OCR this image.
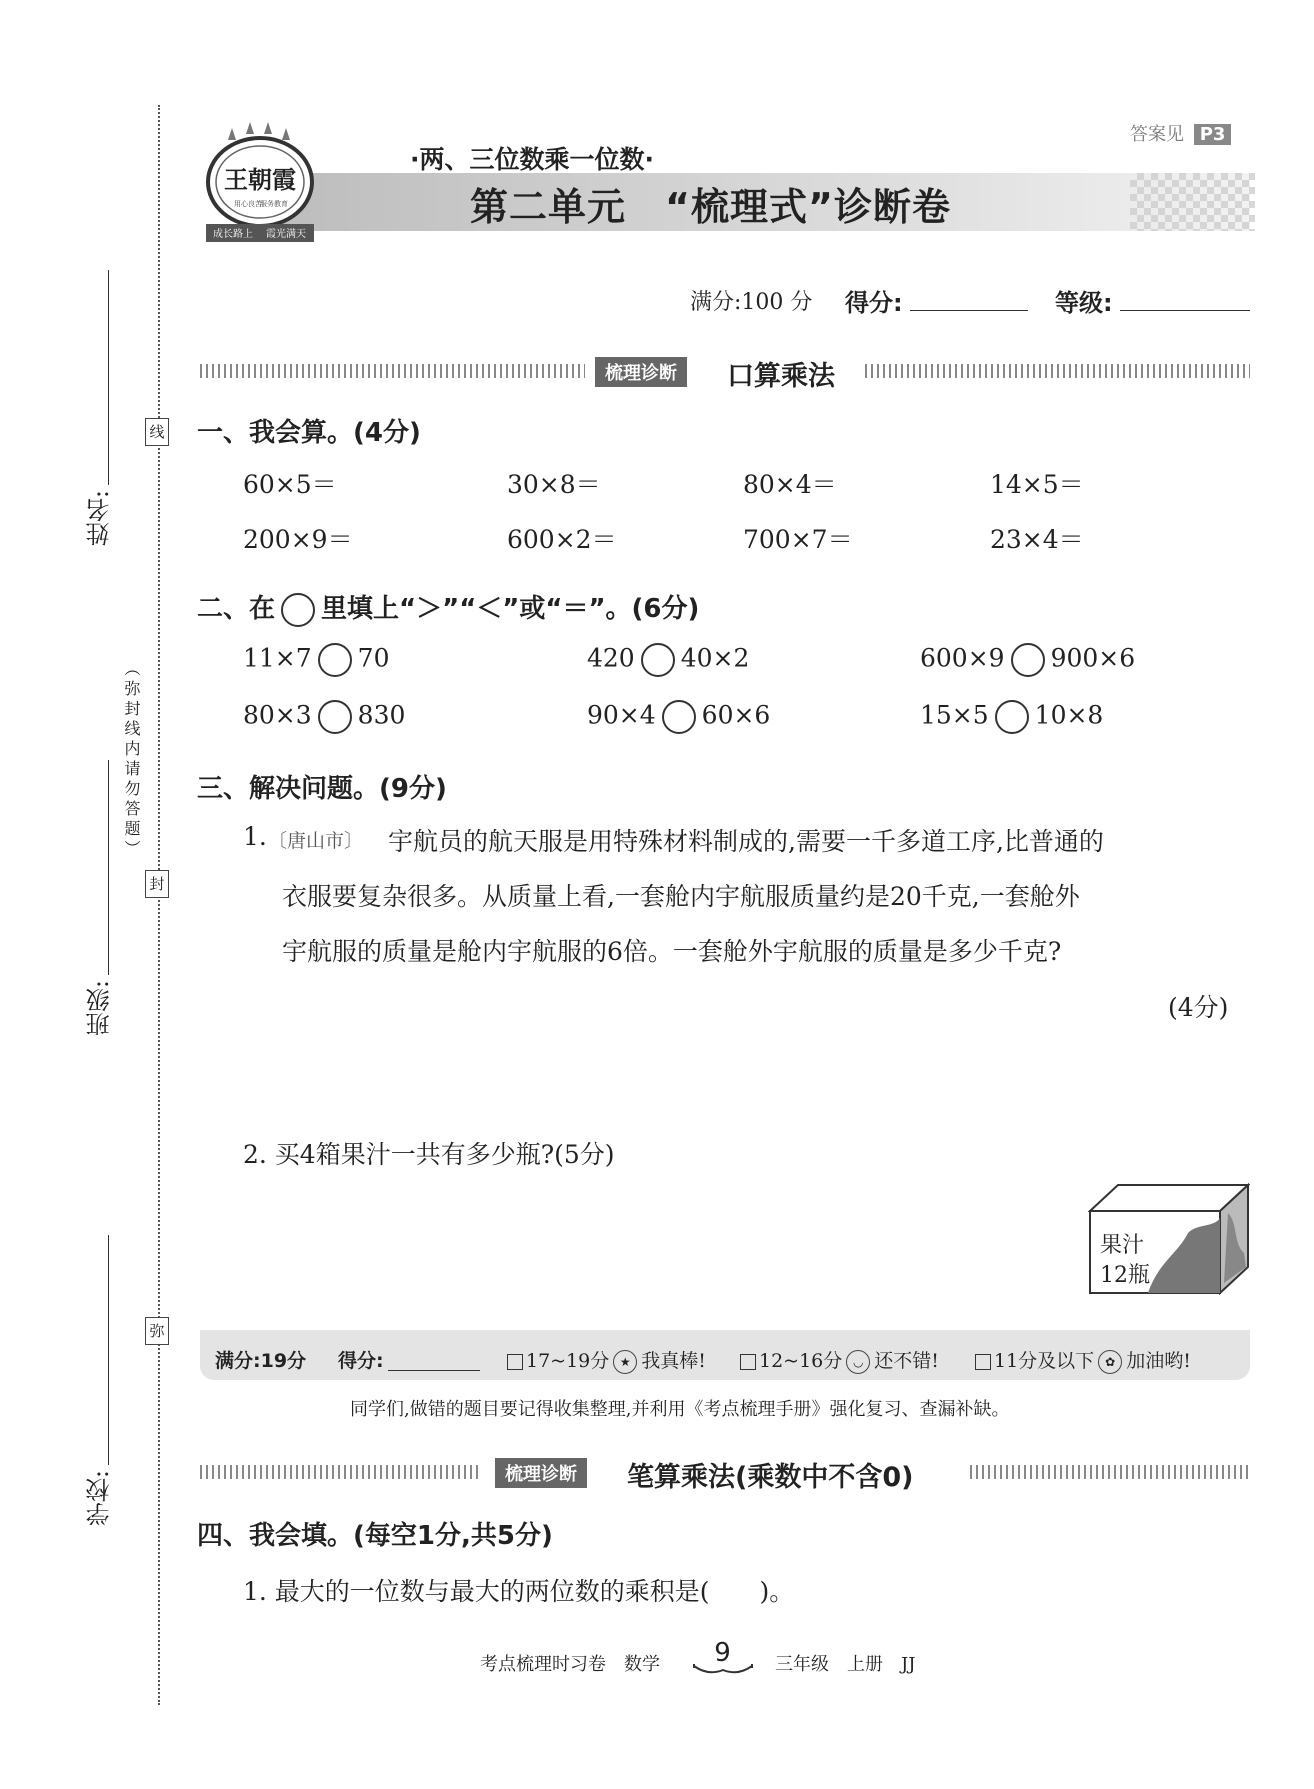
线
封
弥
姓名:
班级:
学校:
（弥封线内请勿答题）
答案见 P3
王朝霞
用心良苦
服务教育
成长路上 霞光满天
·两、三位数乘一位数·
第二单元　“梳理式”诊断卷
满分:100 分 得分:	等级:
梳理诊断	口算乘法
一、我会算。(4分)
60×5＝	30×8＝	80×4＝	14×5＝
200×9＝	600×2＝	700×7＝	23×4＝
二、在 里填上“＞”“＜”或“＝”。(6分)
11×7 70	420 40×2	600×9 900×6
80×3 830	90×4 60×6	15×5 10×8
三、解决问题。(9分)
1. 〔唐山市〕 宇航员的航天服是用特殊材料制成的,需要一千多道工序,比普通的
衣服要复杂很多。从质量上看,一套舱内宇航服质量约是20千克,一套舱外
宇航服的质量是舱内宇航服的6倍。一套舱外宇航服的质量是多少千克?
(4分)
2. 买4箱果汁一共有多少瓶?(5分)
果汁
12瓶
满分:19分 得分:	17~19分 ★ 我真棒!	12~16分 ◡ 还不错!	11分及以下 ✿ 加油哟!
同学们,做错的题目要记得收集整理,并利用《考点梳理手册》强化复习、查漏补缺。
梳理诊断	笔算乘法(乘数中不含0)
四、我会填。(每空1分,共5分)
1. 最大的一位数与最大的两位数的乘积是(　　)。
考点梳理时习卷　数学	9	三年级　上册　JJ
